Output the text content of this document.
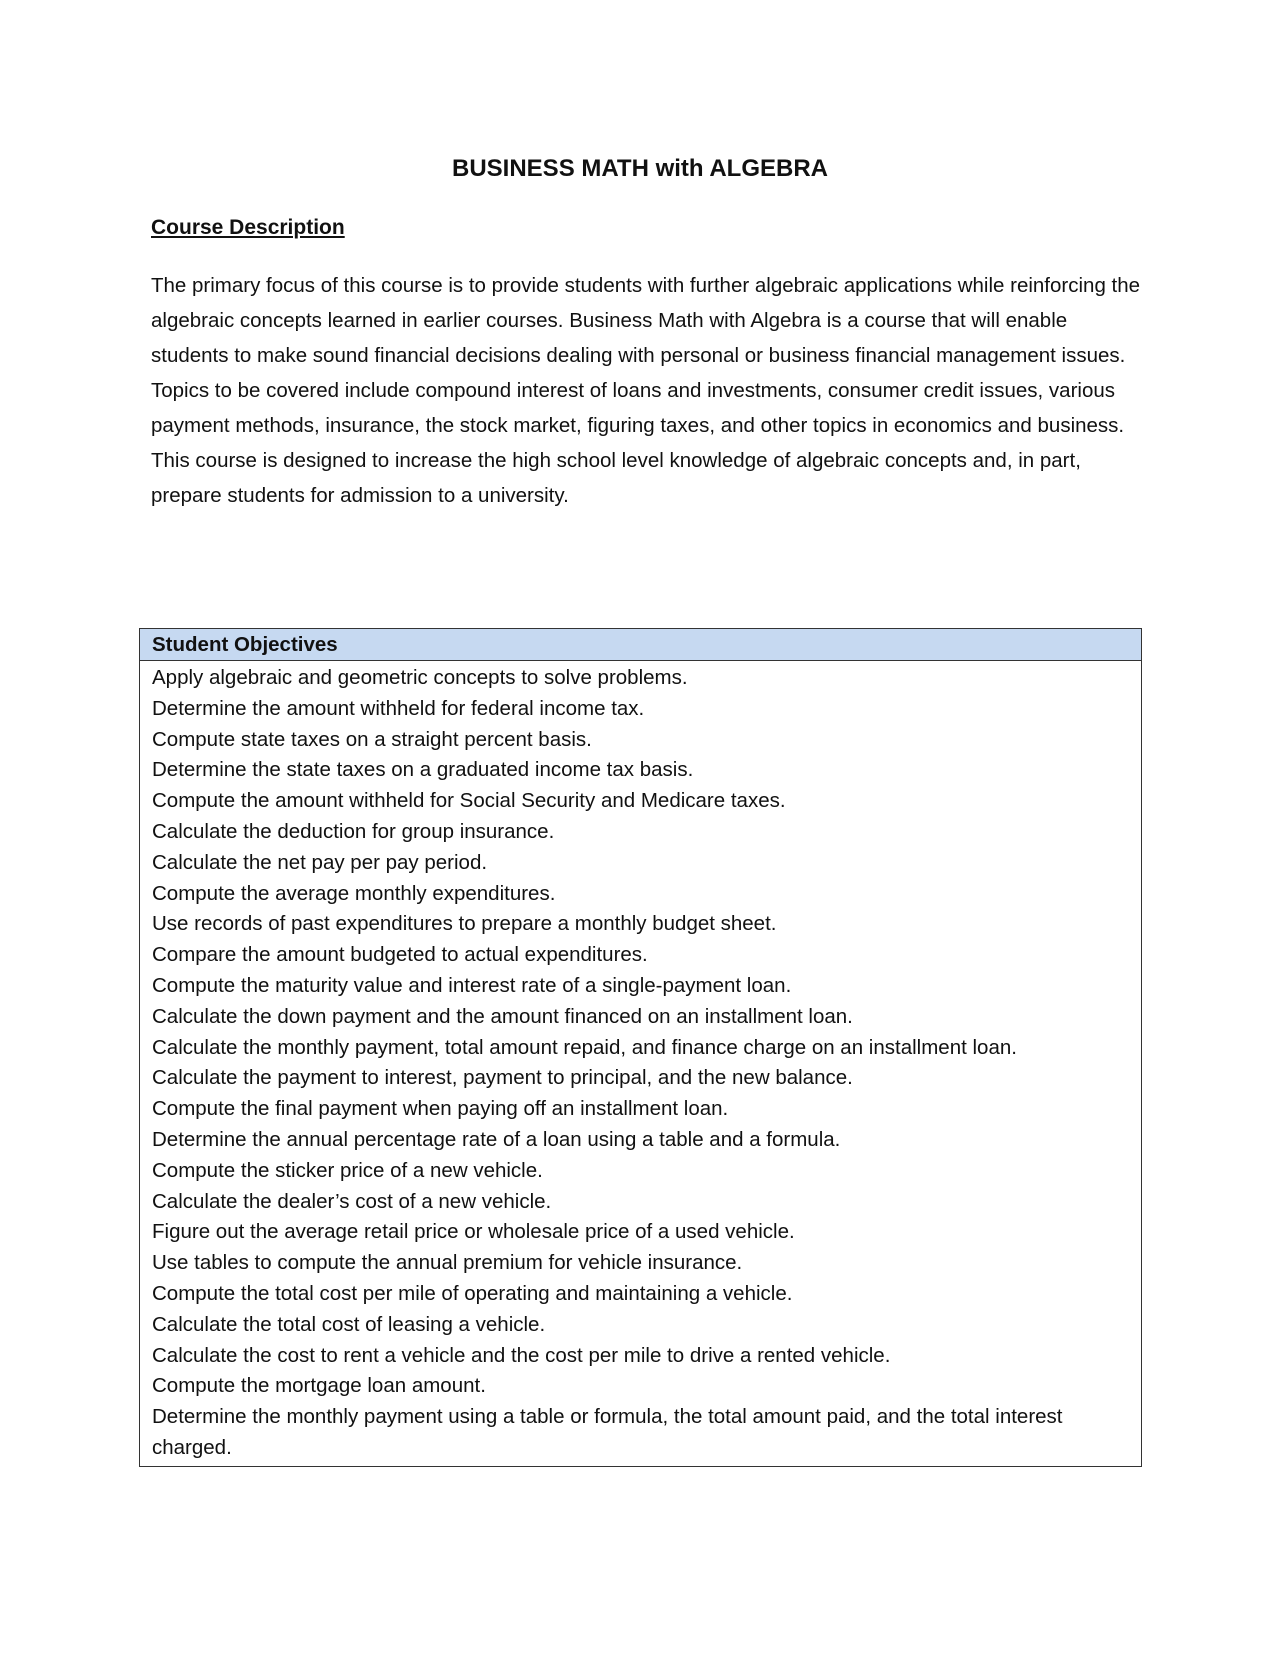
BUSINESS MATH with ALGEBRA
Course Description

The primary focus of this course is to provide students with further algebraic applications while reinforcing the algebraic concepts learned in earlier courses. Business Math with Algebra is a course that will enable students to make sound financial decisions dealing with personal or business financial management issues. Topics to be covered include compound interest of loans and investments, consumer credit issues, various payment methods, insurance, the stock market, figuring taxes, and other topics in economics and business. This course is designed to increase the high school level knowledge of algebraic concepts and, in part, prepare students for admission to a university.

Student Objectives
Apply algebraic and geometric concepts to solve problems.
Determine the amount withheld for federal income tax.
Compute state taxes on a straight percent basis.
Determine the state taxes on a graduated income tax basis.
Compute the amount withheld for Social Security and Medicare taxes.
Calculate the deduction for group insurance.
Calculate the net pay per pay period.
Compute the average monthly expenditures.
Use records of past expenditures to prepare a monthly budget sheet.
Compare the amount budgeted to actual expenditures.
Compute the maturity value and interest rate of a single-payment loan.
Calculate the down payment and the amount financed on an installment loan.
Calculate the monthly payment, total amount repaid, and finance charge on an installment loan.
Calculate the payment to interest, payment to principal, and the new balance.
Compute the final payment when paying off an installment loan.
Determine the annual percentage rate of a loan using a table and a formula.
Compute the sticker price of a new vehicle.
Calculate the dealer’s cost of a new vehicle.
Figure out the average retail price or wholesale price of a used vehicle.
Use tables to compute the annual premium for vehicle insurance.
Compute the total cost per mile of operating and maintaining a vehicle.
Calculate the total cost of leasing a vehicle.
Calculate the cost to rent a vehicle and the cost per mile to drive a rented vehicle.
Compute the mortgage loan amount.
Determine the monthly payment using a table or formula, the total amount paid, and the total interest charged.
